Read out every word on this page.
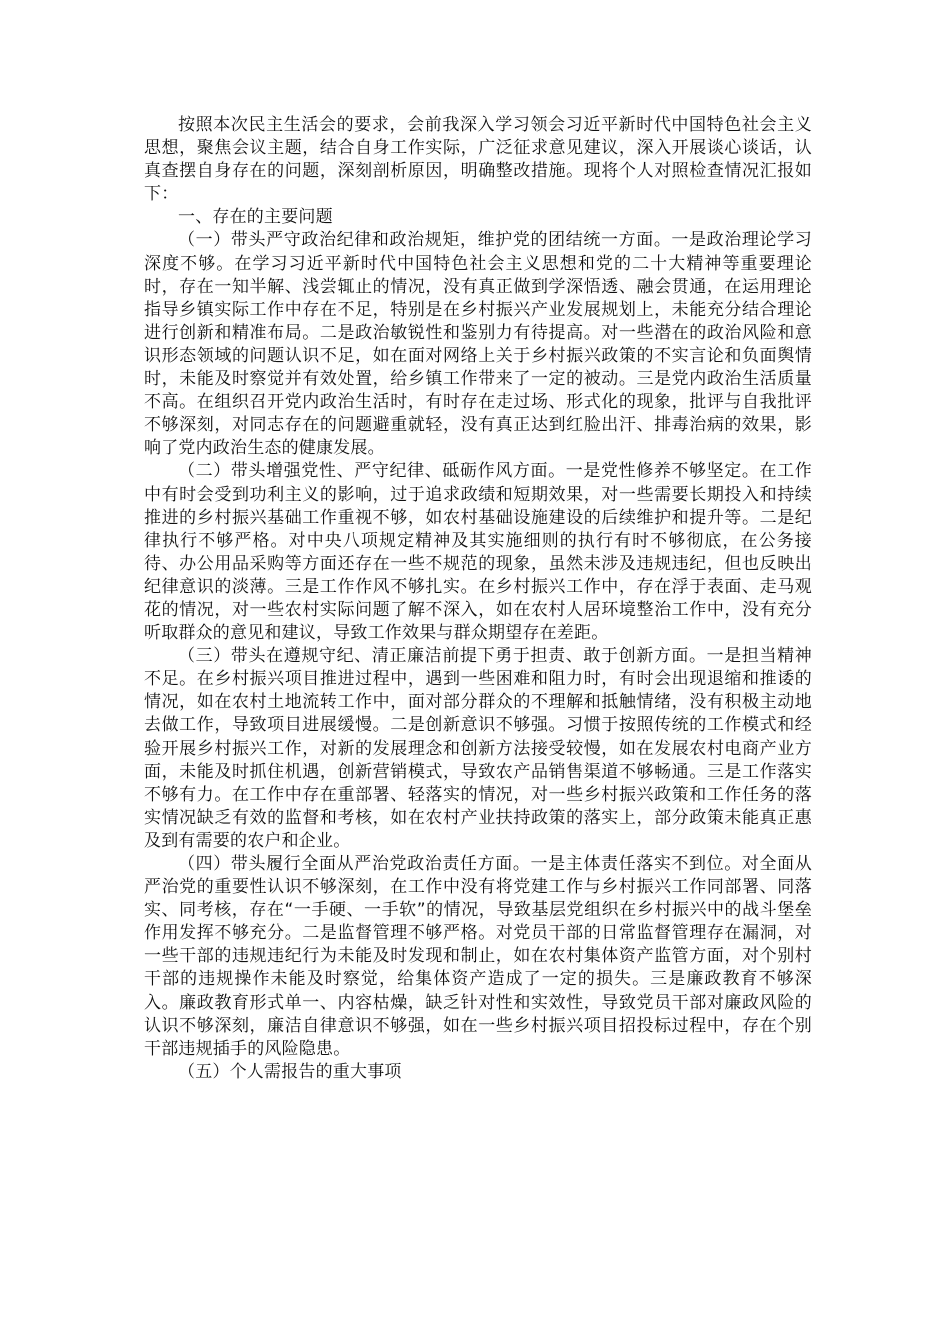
按照本次民主生活会的要求，会前我深入学习领会习近平新时代中国特色社会主义思想，聚焦会议主题，结合自身工作实际，广泛征求意见建议，深入开展谈心谈话，认真查摆自身存在的问题，深刻剖析原因，明确整改措施。现将个人对照检查情况汇报如下：

一、存在的主要问题

（一）带头严守政治纪律和政治规矩，维护党的团结统一方面。一是政治理论学习深度不够。在学习习近平新时代中国特色社会主义思想和党的二十大精神等重要理论时，存在一知半解、浅尝辄止的情况，没有真正做到学深悟透、融会贯通，在运用理论指导乡镇实际工作中存在不足，特别是在乡村振兴产业发展规划上，未能充分结合理论进行创新和精准布局。二是政治敏锐性和鉴别力有待提高。对一些潜在的政治风险和意识形态领域的问题认识不足，如在面对网络上关于乡村振兴政策的不实言论和负面舆情时，未能及时察觉并有效处置，给乡镇工作带来了一定的被动。三是党内政治生活质量不高。在组织召开党内政治生活时，有时存在走过场、形式化的现象，批评与自我批评不够深刻，对同志存在的问题避重就轻，没有真正达到红脸出汗、排毒治病的效果，影响了党内政治生态的健康发展。

（二）带头增强党性、严守纪律、砥砺作风方面。一是党性修养不够坚定。在工作中有时会受到功利主义的影响，过于追求政绩和短期效果，对一些需要长期投入和持续推进的乡村振兴基础工作重视不够，如农村基础设施建设的后续维护和提升等。二是纪律执行不够严格。对中央八项规定精神及其实施细则的执行有时不够彻底，在公务接待、办公用品采购等方面还存在一些不规范的现象，虽然未涉及违规违纪，但也反映出纪律意识的淡薄。三是工作作风不够扎实。在乡村振兴工作中，存在浮于表面、走马观花的情况，对一些农村实际问题了解不深入，如在农村人居环境整治工作中，没有充分听取群众的意见和建议，导致工作效果与群众期望存在差距。

（三）带头在遵规守纪、清正廉洁前提下勇于担责、敢于创新方面。一是担当精神不足。在乡村振兴项目推进过程中，遇到一些困难和阻力时，有时会出现退缩和推诿的情况，如在农村土地流转工作中，面对部分群众的不理解和抵触情绪，没有积极主动地去做工作，导致项目进展缓慢。二是创新意识不够强。习惯于按照传统的工作模式和经验开展乡村振兴工作，对新的发展理念和创新方法接受较慢，如在发展农村电商产业方面，未能及时抓住机遇，创新营销模式，导致农产品销售渠道不够畅通。三是工作落实不够有力。在工作中存在重部署、轻落实的情况，对一些乡村振兴政策和工作任务的落实情况缺乏有效的监督和考核，如在农村产业扶持政策的落实上，部分政策未能真正惠及到有需要的农户和企业。

（四）带头履行全面从严治党政治责任方面。一是主体责任落实不到位。对全面从严治党的重要性认识不够深刻，在工作中没有将党建工作与乡村振兴工作同部署、同落实、同考核，存在“一手硬、一手软”的情况，导致基层党组织在乡村振兴中的战斗堡垒作用发挥不够充分。二是监督管理不够严格。对党员干部的日常监督管理存在漏洞，对一些干部的违规违纪行为未能及时发现和制止，如在农村集体资产监管方面，对个别村干部的违规操作未能及时察觉，给集体资产造成了一定的损失。三是廉政教育不够深入。廉政教育形式单一、内容枯燥，缺乏针对性和实效性，导致党员干部对廉政风险的认识不够深刻，廉洁自律意识不够强，如在一些乡村振兴项目招投标过程中，存在个别干部违规插手的风险隐患。

（五）个人需报告的重大事项
